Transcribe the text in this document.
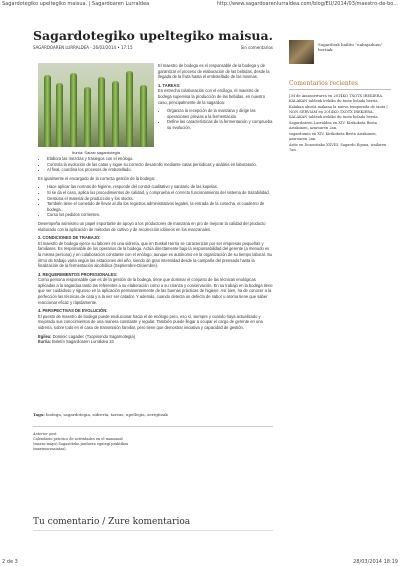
Sagardotegiko upeltegiko maisua. | Sagardoaren Lurraldea	http://www.sagardoarenlurraldea.com/blog/EU/2014/03/maestro-de-bo...
Sagardotegiko upeltegiko maisua.
SAGARDOAREN LURRALDEA - 26/03/2014 • 17:15	Sin comentarios
Iturria: Saizar sagardotegia

El maestro de bodega es el responsable de la bodega y de garantizar el proceso de elaboración de las bebidas, desde la llegada de la fruta hasta el embotellado de las mismas.

1. TAREAS:

En estrecha colaboración con el enólogo, el maestro de bodega supervisa la producción de las bebidas, en nuestro caso, principalmente de la sagardoa:

• Organiza la recepción de la manzana y dirige las operaciones previas a la fermentación.
• Define las características de la fermentación y comprueba su evolución.
• Elabora las mezclas y trasiegos con el enólogo.
• Controla la evolución de las catas y sigue su correcto desarrollo mediante catas periódicas y análisis en laboratorio.
• Al final, coordina los procesos de embotellado.

Es igualmente el encargado de la correcta gestión de la bodega:

• Hace aplicar las normas de higiene, responde del control cualitativo y sanitario de las kupelas.
• Si se da el caso, aplica los procedimientos de calidad, y comprueba el correcto funcionamiento del sistema de trazabilidad.
• Gestiona el material de producción y los stocks.
• También tiene el cometido de llevar al día los registros administrativos legales, la entrada de la cosecha, el cuaderno de bodega…
• Cursa los pedidos corrientes.

Desempeña asimismo un papel importante de apoyo a los productores de manzana en pro de mejorar la calidad del producto elaborado con la aplicación de métodos de cultivo y de recolección idóneos en los manzanales.

2. CONDICIONES DE TRABAJO:

El maestro de bodega ejerce su labores en una sidrería, que en Euskal Herria se caracterizan por ser empresas pequeñas y familiares. Es responsable de los operarios de la bodega. Actúa directamente bajo la responsabilidad del gerente (a menudo es la misma persona) y en colaboración constante con el enólogo, aunque es autónomo en la organización de su tiempo laboral. Su ritmo de trabajo varía según las estaciones del año, siendo de gran intensidad desde la campaña del prensado hasta la finalización de la fermentación alcohólica (Septiembre-Diciembre).

3. REQUERIMIENTOS PROFESIONALES:

Como persona responsable que es de la gestión de la bodega, tiene que dominar el conjunto de las técnicas enológicas aplicadas a la sagardoa tanto las referentes a su elaboración como a su crianza y conservación. En su trabajo en la bodega tiene que ser cuidadoso y riguroso en la aplicación permanentemente de las buenas prácticas de higiene. Así bien, ha de conocer a la perfección las técnicas de cata y a la vez ser catador. Y además, cuando detecta un defecto de sabor u aroma tiene que saber reaccionar eficaz y rápidamente.

4. PERSPECTIVAS DE EVOLUCIÓN:

El puesto de maestro de bodega puede evolucionar hacia el de enólogo pero, eso sí, siempre y cuando haya actualizado y mejorado sus conocimientos de una manera constante y regular. También puede llegar a ocupar el cargo de gerente en una sidrería, sobre todo en el caso de transmisión familiar, pero tiene que demostrar iniciativa y capacidad de gestión.

Egilea: Dominic Lagadec (Txopinondo Sagarnotegia)

Iturria: Boletín Sagardoaren Lurraldea 34

Tags: bodega, sagardotegia, sidrería, tareas, upellegia, zerrgitzak
Anterior post
Calendario práctico de actividades en el manzanal (marzo-mayo) Sagastiteko jarduera egutegi praktikoa (martxoa-maiatza).
Tu comentario / Zure komentarioa
Sagardoak bailitu "enbajaduen" bertiak
Comentarios recientes

J.M de Amasorrrarra en 2014KO TXOTX IREKIERA. KALAKAN taldeak irekiko du txotx bolada berria.

Kalakan abiròà makano la nueva temporada de txotx | NON SERVIAM en 2014KO TXOTX IREKIERA. KALAKAN taldeak irekiko du txotx bolada berria.

Sagardoaren Lurraldea en XIV. Kirikoketa Besta Arizkunen, azaroaren 2an.

sagardumin en XIV. Kirikoketa Besta Arizkunen, azaroaren 2an.

Aritz en Donostiako XXVIII. Sagardo Egunа, irailaren 7an.

2 de 3	28/03/2014 18:19
